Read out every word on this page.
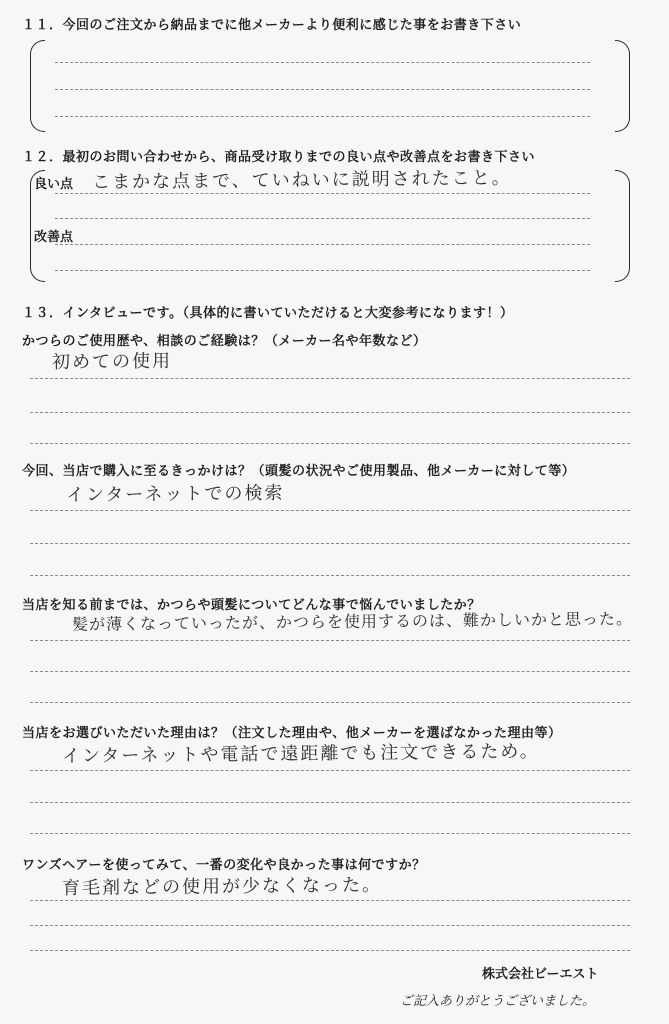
１１．今回のご注文から納品までに他メーカーより便利に感じた事をお書き下さい
１２．最初のお問い合わせから、商品受け取りまでの良い点や改善点をお書き下さい
良い点 こまかな点まで、ていねいに説明されたこと。
改善点
１３．インタビューです。（具体的に書いていただけると大変参考になります！）
かつらのご使用歴や、相談のご経験は？（メーカー名や年数など）
初めての使用
今回、当店で購入に至るきっかけは？（頭髪の状況やご使用製品、他メーカーに対して等）
インターネットでの検索
当店を知る前までは、かつらや頭髪についてどんな事で悩んでいましたか？
髪が薄くなっていったが、かつらを使用するのは、難かしいかと思った。
当店をお選びいただいた理由は？（注文した理由や、他メーカーを選ばなかった理由等）
インターネットや電話で遠距離でも注文できるため。
ワンズヘアーを使ってみて、一番の変化や良かった事は何ですか？
育毛剤などの使用が少なくなった。
株式会社ビーエスト
ご記入ありがとうございました。
